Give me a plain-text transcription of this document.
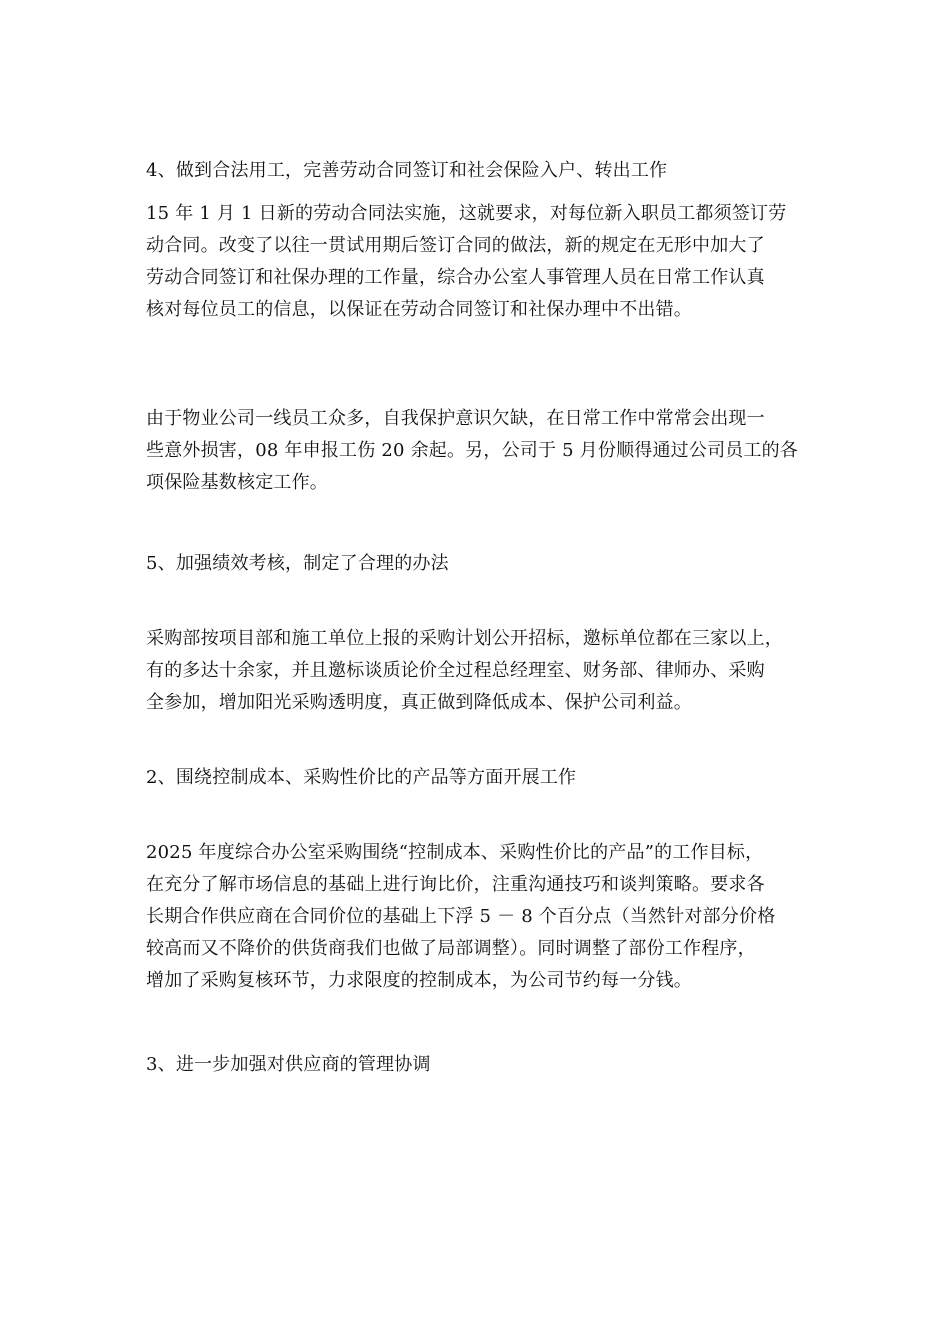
4、做到合法用工，完善劳动合同签订和社会保险入户、转出工作
15 年 1 月 1 日新的劳动合同法实施，这就要求，对每位新入职员工都须签订劳
动合同。改变了以往一贯试用期后签订合同的做法，新的规定在无形中加大了
劳动合同签订和社保办理的工作量，综合办公室人事管理人员在日常工作认真
核对每位员工的信息，以保证在劳动合同签订和社保办理中不出错。
由于物业公司一线员工众多，自我保护意识欠缺，在日常工作中常常会出现一
些意外损害，08 年申报工伤 20 余起。另，公司于 5 月份顺得通过公司员工的各
项保险基数核定工作。
5、加强绩效考核，制定了合理的办法
采购部按项目部和施工单位上报的采购计划公开招标，邀标单位都在三家以上，
有的多达十余家，并且邀标谈质论价全过程总经理室、财务部、律师办、采购
全参加，增加阳光采购透明度，真正做到降低成本、保护公司利益。
2、围绕控制成本、采购性价比的产品等方面开展工作
2025 年度综合办公室采购围绕“控制成本、采购性价比的产品”的工作目标，
在充分了解市场信息的基础上进行询比价，注重沟通技巧和谈判策略。要求各
长期合作供应商在合同价位的基础上下浮 5 － 8 个百分点（当然针对部分价格
较高而又不降价的供货商我们也做了局部调整）。同时调整了部份工作程序，
增加了采购复核环节，力求限度的控制成本，为公司节约每一分钱。
3、进一步加强对供应商的管理协调
